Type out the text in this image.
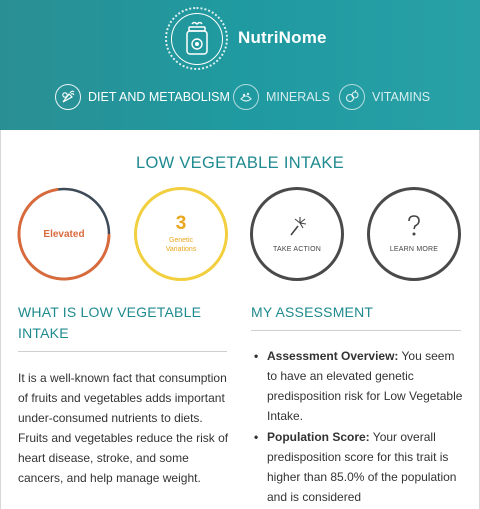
NutriNome
DIET AND METABOLISM	MINERALS	VITAMINS
LOW VEGETABLE INTAKE
Elevated	3
Genetic Variations	TAKE ACTION	LEARN MORE
WHAT IS LOW VEGETABLE INTAKE

It is a well-known fact that consumption of fruits and vegetables adds important under-consumed nutrients to diets. Fruits and vegetables reduce the risk of heart disease, stroke, and some cancers, and help manage weight.

MY ASSESSMENT
• Assessment Overview: You seem to have an elevated genetic predisposition risk for Low Vegetable Intake.
• Population Score: Your overall predisposition score for this trait is higher than 85.0% of the population and is considered
